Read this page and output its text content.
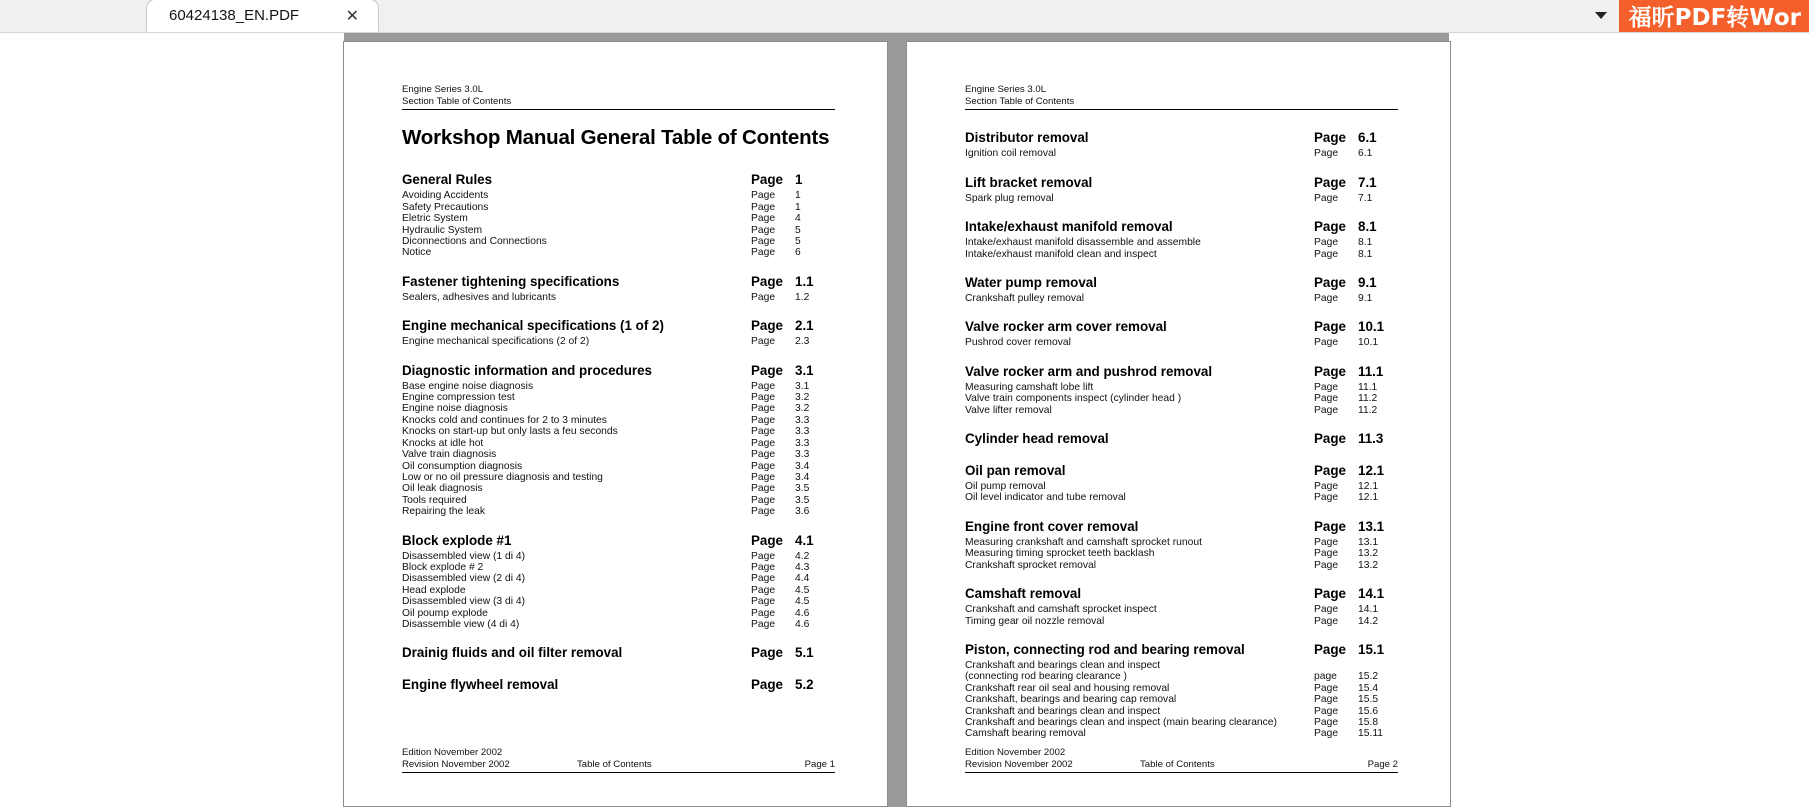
60424138_EN.PDF	✕	福昕PDF转Wor
Engine Series 3.0L
Section Table of Contents
Workshop Manual General Table of Contents
General Rules	Page 1
Avoiding Accidents	Page 1
Safety Precautions	Page 1
Eletric System	Page 4
Hydraulic System	Page 5
Diconnections and Connections	Page 5
Notice	Page 6
Fastener tightening specifications	Page 1.1
Sealers, adhesives and lubricants	Page 1.2
Engine mechanical specifications (1 of 2)	Page 2.1
Engine mechanical specifications (2 of 2)	Page 2.3
Diagnostic information and procedures	Page 3.1
Base engine noise diagnosis	Page 3.1
Engine compression test	Page 3.2
Engine noise diagnosis	Page 3.2
Knocks cold and continues for 2 to 3 minutes	Page 3.3
Knocks on start-up but only lasts a feu seconds	Page 3.3
Knocks at idle hot	Page 3.3
Valve train diagnosis	Page 3.3
Oil consumption diagnosis	Page 3.4
Low or no oil pressure diagnosis and testing	Page 3.4
Oil leak diagnosis	Page 3.5
Tools required	Page 3.5
Repairing the leak	Page 3.6
Block explode #1	Page 4.1
Disassembled view (1 di 4)	Page 4.2
Block explode # 2	Page 4.3
Disassembled view (2 di 4)	Page 4.4
Head explode	Page 4.5
Disassembled view (3 di 4)	Page 4.5
Oil poump explode	Page 4.6
Disassemble view (4 di 4)	Page 4.6
Drainig fluids and oil filter removal	Page 5.1
Engine flywheel removal	Page 5.2
Edition November 2002
Revision November 2002	Table of Contents	Page 1
Engine Series 3.0L
Section Table of Contents
Distributor removal	Page 6.1
Ignition coil removal	Page 6.1
Lift bracket removal	Page 7.1
Spark plug removal	Page 7.1
Intake/exhaust manifold removal	Page 8.1
Intake/exhaust manifold disassemble and assemble	Page 8.1
Intake/exhaust manifold clean and inspect	Page 8.1
Water pump removal	Page 9.1
Crankshaft pulley removal	Page 9.1
Valve rocker arm cover removal	Page 10.1
Pushrod cover removal	Page 10.1
Valve rocker arm and pushrod removal	Page 11.1
Measuring camshaft lobe lift	Page 11.1
Valve train components inspect (cylinder head )	Page 11.2
Valve lifter removal	Page 11.2
Cylinder head removal	Page 11.3
Oil pan removal	Page 12.1
Oil pump removal	Page 12.1
Oil level indicator and tube removal	Page 12.1
Engine front cover removal	Page 13.1
Measuring crankshaft and camshaft sprocket runout	Page 13.1
Measuring timing sprocket teeth backlash	Page 13.2
Crankshaft sprocket removal	Page 13.2
Camshaft removal	Page 14.1
Crankshaft and camshaft sprocket inspect	Page 14.1
Timing gear oil nozzle removal	Page 14.2
Piston, connecting rod and bearing removal	Page 15.1
Crankshaft and bearings clean and inspect
(connecting rod bearing clearance )	page 15.2
Crankshaft rear oil seal and housing removal	Page 15.4
Crankshaft, bearings and bearing cap removal	Page 15.5
Crankshaft and bearings clean and inspect	Page 15.6
Crankshaft and bearings clean and inspect (main bearing clearance)	Page 15.8
Camshaft bearing removal	Page 15.11
Edition November 2002
Revision November 2002	Table of Contents	Page 2
